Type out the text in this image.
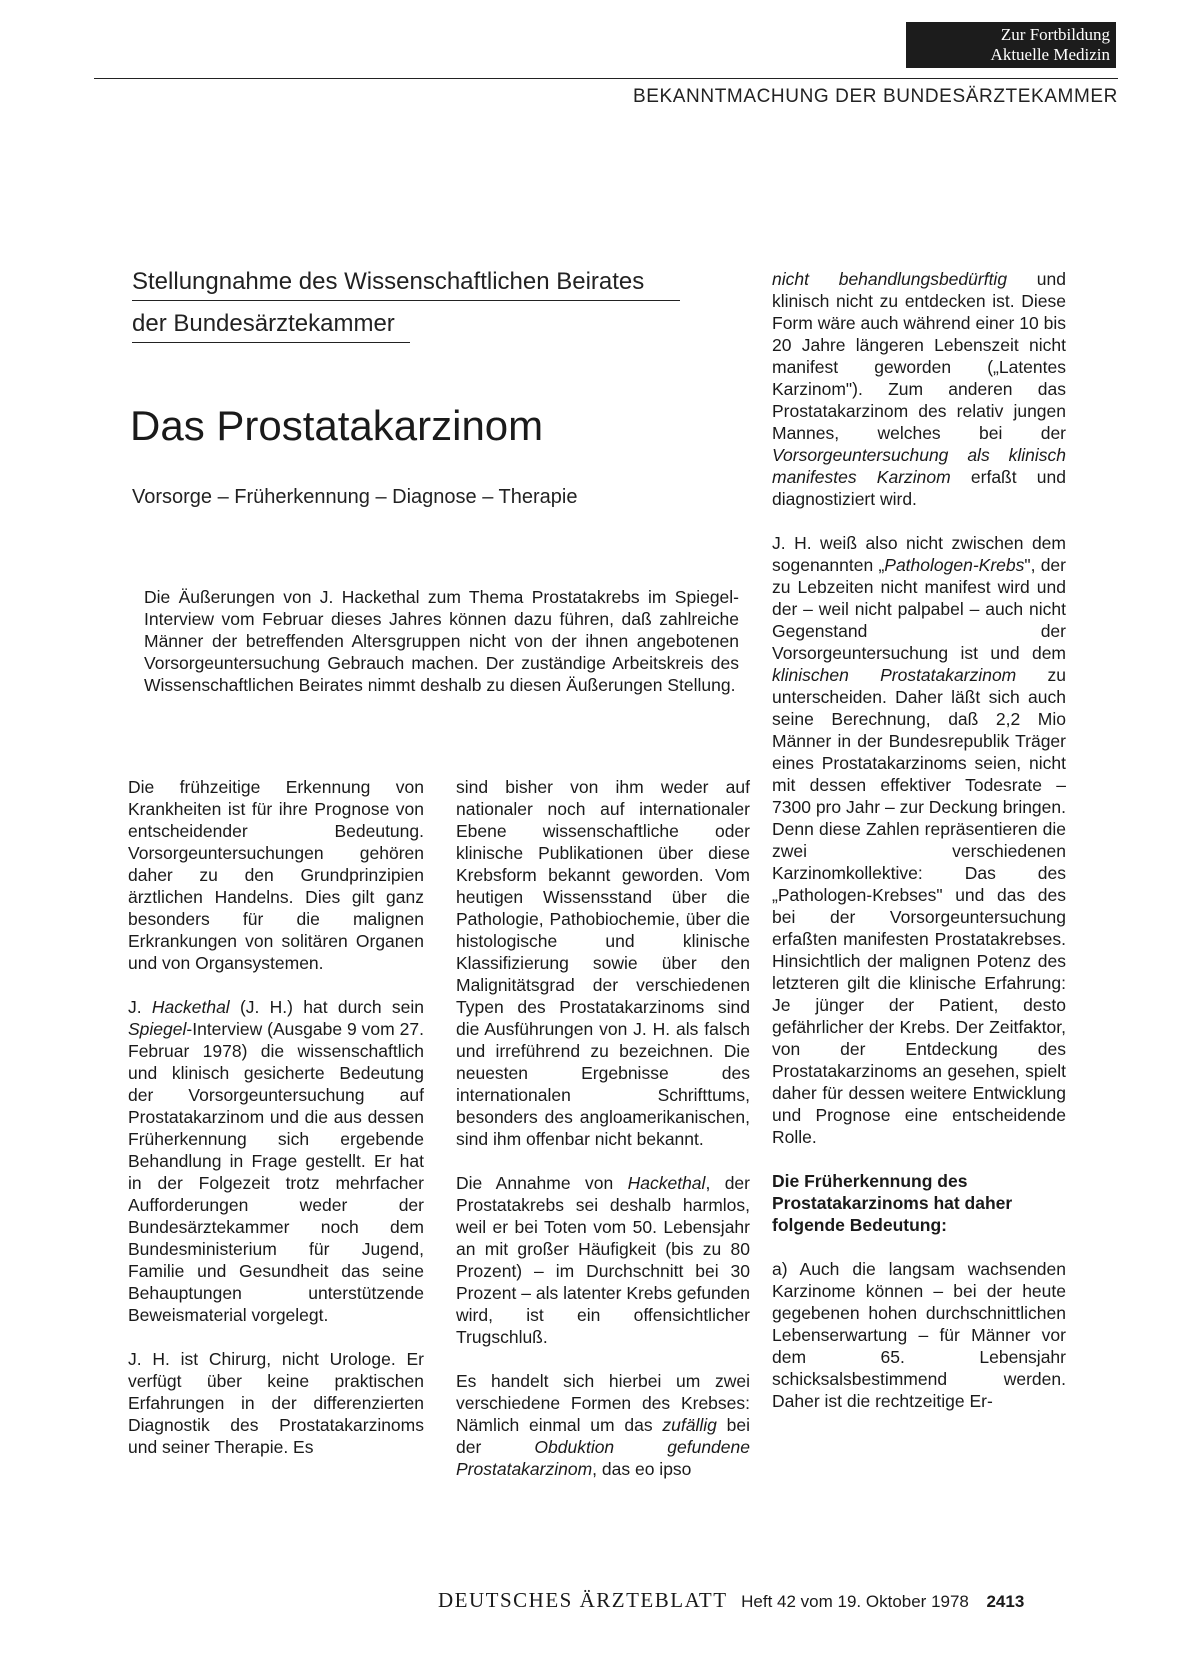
Zur Fortbildung
Aktuelle Medizin
BEKANNTMACHUNG DER BUNDESÄRZTEKAMMER
Stellungnahme des Wissenschaftlichen Beirates
der Bundesärztekammer
Das Prostatakarzinom
Vorsorge – Früherkennung – Diagnose – Therapie

Die Äußerungen von J. Hackethal zum Thema Prostatakrebs im Spiegel-Interview vom Februar dieses Jahres können dazu führen, daß zahlreiche Männer der betreffenden Altersgruppen nicht von der ihnen angebotenen Vorsorgeuntersuchung Gebrauch machen. Der zuständige Arbeitskreis des Wissenschaftlichen Beirates nimmt deshalb zu diesen Äußerungen Stellung.

Die frühzeitige Erkennung von Krankheiten ist für ihre Prognose von entscheidender Bedeutung. Vorsorgeuntersuchungen gehören daher zu den Grundprinzipien ärztlichen Handelns. Dies gilt ganz besonders für die malignen Erkrankungen von solitären Organen und von Organsystemen.

J. Hackethal (J. H.) hat durch sein Spiegel-Interview (Ausgabe 9 vom 27. Februar 1978) die wissenschaftlich und klinisch gesicherte Bedeutung der Vorsorgeuntersuchung auf Prostatakarzinom und die aus dessen Früherkennung sich ergebende Behandlung in Frage gestellt. Er hat in der Folgezeit trotz mehrfacher Aufforderungen weder der Bundesärztekammer noch dem Bundesministerium für Jugend, Familie und Gesundheit das seine Behauptungen unterstützende Beweismaterial vorgelegt.

J. H. ist Chirurg, nicht Urologe. Er verfügt über keine praktischen Erfahrungen in der differenzierten Diagnostik des Prostatakarzinoms und seiner Therapie. Es

sind bisher von ihm weder auf nationaler noch auf internationaler Ebene wissenschaftliche oder klinische Publikationen über diese Krebsform bekannt geworden. Vom heutigen Wissensstand über die Pathologie, Pathobiochemie, über die histologische und klinische Klassifizierung sowie über den Malignitätsgrad der verschiedenen Typen des Prostatakarzinoms sind die Ausführungen von J. H. als falsch und irreführend zu bezeichnen. Die neuesten Ergebnisse des internationalen Schrifttums, besonders des angloamerikanischen, sind ihm offenbar nicht bekannt.

Die Annahme von Hackethal, der Prostatakrebs sei deshalb harmlos, weil er bei Toten vom 50. Lebensjahr an mit großer Häufigkeit (bis zu 80 Prozent) – im Durchschnitt bei 30 Prozent – als latenter Krebs gefunden wird, ist ein offensichtlicher Trugschluß.

Es handelt sich hierbei um zwei verschiedene Formen des Krebses: Nämlich einmal um das zufällig bei der Obduktion gefundene Prostatakarzinom, das eo ipso

nicht behandlungsbedürftig und klinisch nicht zu entdecken ist. Diese Form wäre auch während einer 10 bis 20 Jahre längeren Lebenszeit nicht manifest geworden („Latentes Karzinom"). Zum anderen das Prostatakarzinom des relativ jungen Mannes, welches bei der Vorsorgeuntersuchung als klinisch manifestes Karzinom erfaßt und diagnostiziert wird.

J. H. weiß also nicht zwischen dem sogenannten „Pathologen-Krebs", der zu Lebzeiten nicht manifest wird und der – weil nicht palpabel – auch nicht Gegenstand der Vorsorgeuntersuchung ist und dem klinischen Prostatakarzinom zu unterscheiden. Daher läßt sich auch seine Berechnung, daß 2,2 Mio Männer in der Bundesrepublik Träger eines Prostatakarzinoms seien, nicht mit dessen effektiver Todesrate – 7300 pro Jahr – zur Deckung bringen. Denn diese Zahlen repräsentieren die zwei verschiedenen Karzinomkollektive: Das des „Pathologen-Krebses" und das des bei der Vorsorgeuntersuchung erfaßten manifesten Prostatakrebses. Hinsichtlich der malignen Potenz des letzteren gilt die klinische Erfahrung: Je jünger der Patient, desto gefährlicher der Krebs. Der Zeitfaktor, von der Entdeckung des Prostatakarzinoms an gesehen, spielt daher für dessen weitere Entwicklung und Prognose eine entscheidende Rolle.

Die Früherkennung des Prostatakarzinoms hat daher folgende Bedeutung:

a) Auch die langsam wachsenden Karzinome können – bei der heute gegebenen hohen durchschnittlichen Lebenserwartung – für Männer vor dem 65. Lebensjahr schicksalsbestimmend werden. Daher ist die rechtzeitige Er-

DEUTSCHES ÄRZTEBLATT Heft 42 vom 19. Oktober 1978 2413
